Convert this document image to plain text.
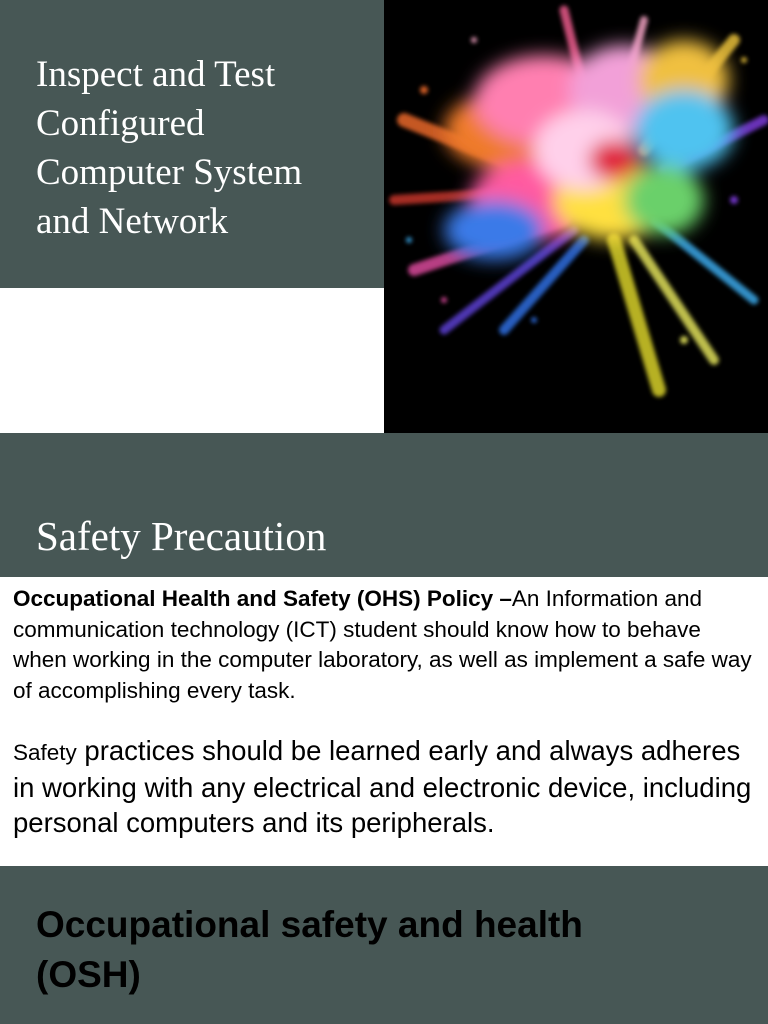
Inspect and Test
Configured
Computer System
and Network
Safety Precaution

Occupational Health and Safety (OHS) Policy –An Information and communication technology (ICT) student should know how to behave when working in the computer laboratory, as well as implement a safe way of accomplishing every task.

Safety practices should be learned early and always adheres in working with any electrical and electronic device, including personal computers and its peripherals.

Occupational safety and health
(OSH)
